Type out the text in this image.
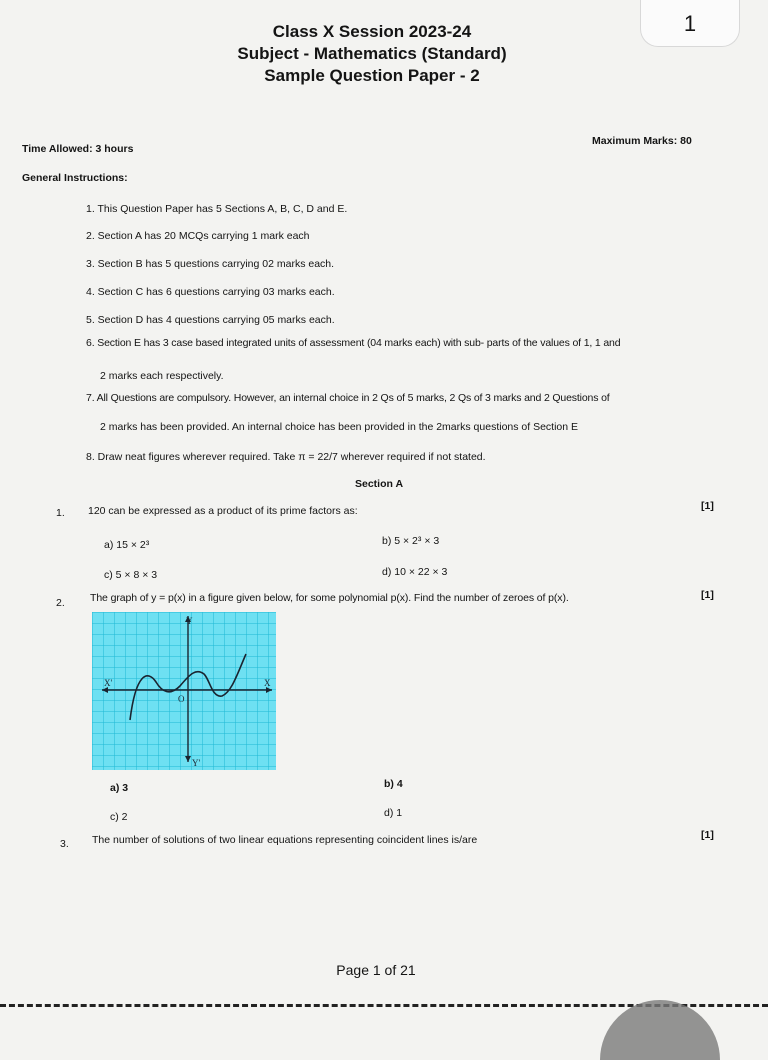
1
Class X Session 2023-24
Subject - Mathematics (Standard)
Sample Question Paper - 2
Time Allowed: 3 hours
Maximum Marks: 80
General Instructions:
1. This Question Paper has 5 Sections A, B, C, D and E.
2. Section A has 20 MCQs carrying 1 mark each
3. Section B has 5 questions carrying 02 marks each.
4. Section C has 6 questions carrying 03 marks each.
5. Section D has 4 questions carrying 05 marks each.
6. Section E has 3 case based integrated units of assessment (04 marks each) with sub- parts of the values of 1, 1 and
2 marks each respectively.
7. All Questions are compulsory. However, an internal choice in 2 Qs of 5 marks, 2 Qs of 3 marks and 2 Questions of
2 marks has been provided. An internal choice has been provided in the 2marks questions of Section E
8. Draw neat figures wherever required. Take π = 22/7 wherever required if not stated.
Section A
1. 120 can be expressed as a product of its prime factors as:	[1]
a) 15 × 2³	b) 5 × 2³ × 3
c) 5 × 8 × 3	d) 10 × 22 × 3
2. The graph of y = p(x) in a figure given below, for some polynomial p(x). Find the number of zeroes of p(x).	[1]
Y
Y'
X
X'
O
a) 3	b) 4
c) 2	d) 1
3. The number of solutions of two linear equations representing coincident lines is/are	[1]
Page 1 of 21
